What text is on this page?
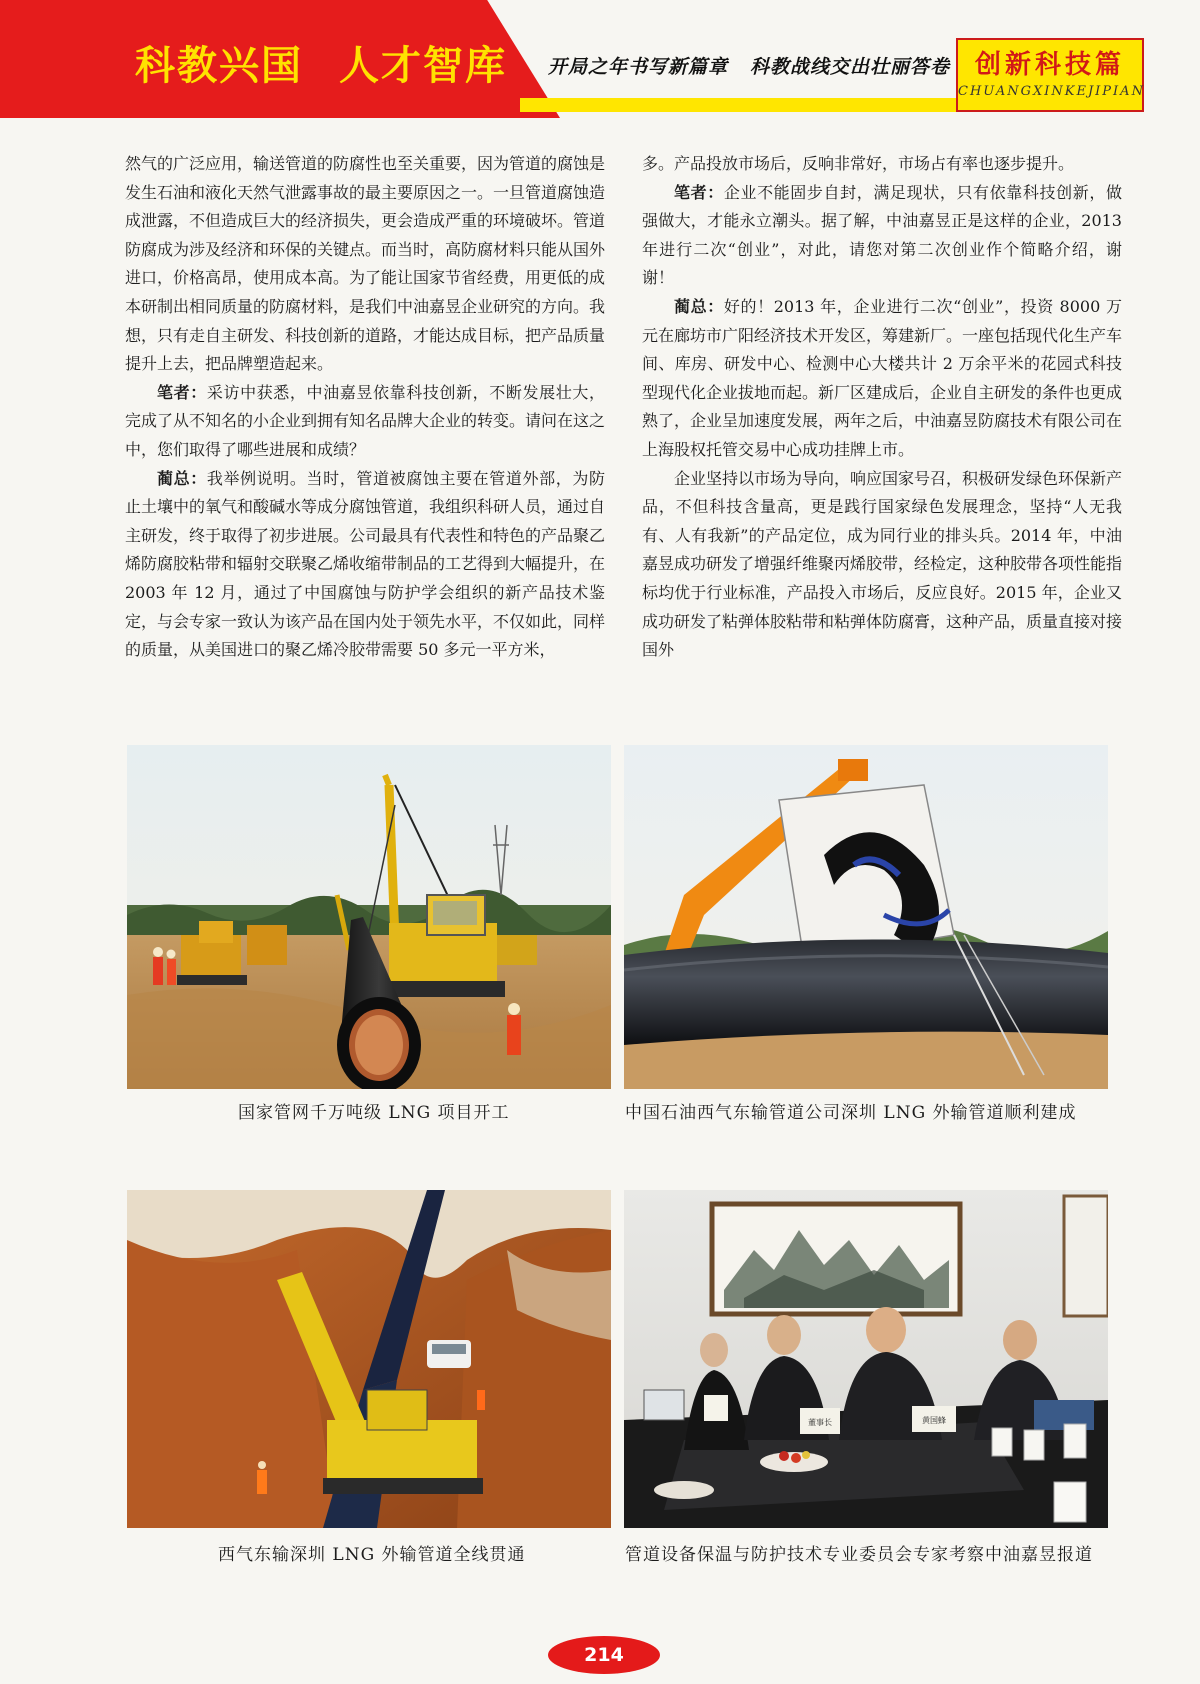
科教兴国 人才智库 开局之年书写新篇章 科教战线交出壮丽答卷 创新科技篇
CHUANGXINKEJIPIAN

然气的广泛应用，输送管道的防腐性也至关重要，因为管道的腐蚀是发生石油和液化天然气泄露事故的最主要原因之一。一旦管道腐蚀造成泄露，不但造成巨大的经济损失，更会造成严重的环境破坏。管道防腐成为涉及经济和环保的关键点。而当时，高防腐材料只能从国外进口，价格高昂，使用成本高。为了能让国家节省经费，用更低的成本研制出相同质量的防腐材料，是我们中油嘉昱企业研究的方向。我想，只有走自主研发、科技创新的道路，才能达成目标，把产品质量提升上去，把品牌塑造起来。

笔者：采访中获悉，中油嘉昱依靠科技创新，不断发展壮大，完成了从不知名的小企业到拥有知名品牌大企业的转变。请问在这之中，您们取得了哪些进展和成绩？

蔺总：我举例说明。当时，管道被腐蚀主要在管道外部，为防止土壤中的氧气和酸碱水等成分腐蚀管道，我组织科研人员，通过自主研发，终于取得了初步进展。公司最具有代表性和特色的产品聚乙烯防腐胶粘带和辐射交联聚乙烯收缩带制品的工艺得到大幅提升，在 2003 年 12 月，通过了中国腐蚀与防护学会组织的新产品技术鉴定，与会专家一致认为该产品在国内处于领先水平，不仅如此，同样的质量，从美国进口的聚乙烯冷胶带需要 50 多元一平方米，

多。产品投放市场后，反响非常好，市场占有率也逐步提升。

笔者：企业不能固步自封，满足现状，只有依靠科技创新，做强做大，才能永立潮头。据了解，中油嘉昱正是这样的企业，2013 年进行二次“创业”，对此，请您对第二次创业作个简略介绍，谢谢！

蔺总：好的！2013 年，企业进行二次“创业”，投资 8000 万元在廊坊市广阳经济技术开发区，筹建新厂。一座包括现代化生产车间、库房、研发中心、检测中心大楼共计 2 万余平米的花园式科技型现代化企业拔地而起。新厂区建成后，企业自主研发的条件也更成熟了，企业呈加速度发展，两年之后，中油嘉昱防腐技术有限公司在上海股权托管交易中心成功挂牌上市。

企业坚持以市场为导向，响应国家号召，积极研发绿色环保新产品，不但科技含量高，更是践行国家绿色发展理念，坚持“人无我有、人有我新”的产品定位，成为同行业的排头兵。2014 年，中油嘉昱成功研发了增强纤维聚丙烯胶带，经检定，这种胶带各项性能指标均优于行业标准，产品投入市场后，反应良好。2015 年，企业又成功研发了粘弹体胶粘带和粘弹体防腐膏，这种产品，质量直接对接国外

国家管网千万吨级 LNG 项目开工	中国石油西气东输管道公司深圳 LNG 外输管道顺利建成
西气东输深圳 LNG 外输管道全线贯通
董事长	黄国蜂
管道设备保温与防护技术专业委员会专家考察中油嘉昱报道
214
